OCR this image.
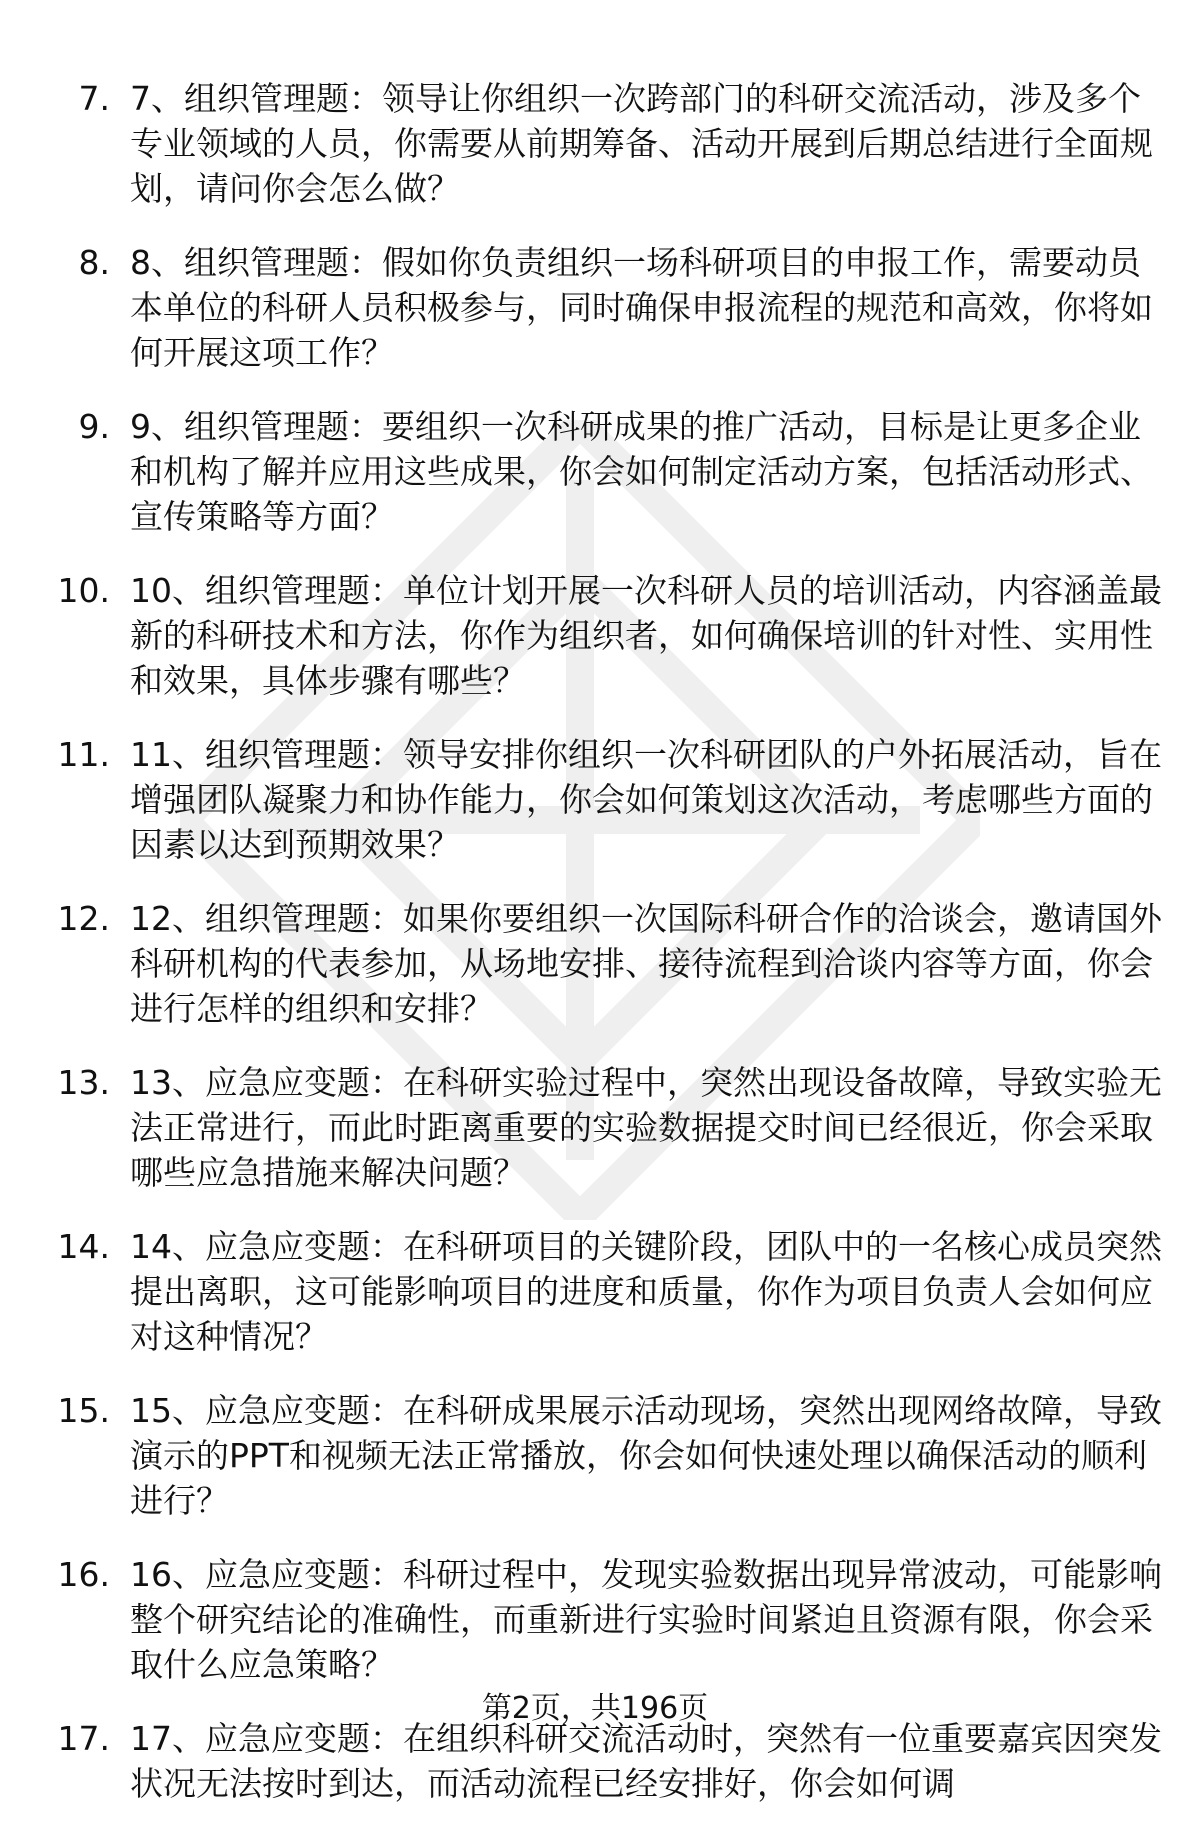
7. 7、组织管理题：领导让你组织一次跨部门的科研交流活动，涉及多个专业领域的人员，你需要从前期筹备、活动开展到后期总结进行全面规划，请问你会怎么做？
8. 8、组织管理题：假如你负责组织一场科研项目的申报工作，需要动员本单位的科研人员积极参与，同时确保申报流程的规范和高效，你将如何开展这项工作？
9. 9、组织管理题：要组织一次科研成果的推广活动，目标是让更多企业和机构了解并应用这些成果，你会如何制定活动方案，包括活动形式、宣传策略等方面？
10. 10、组织管理题：单位计划开展一次科研人员的培训活动，内容涵盖最新的科研技术和方法，你作为组织者，如何确保培训的针对性、实用性和效果，具体步骤有哪些？
11. 11、组织管理题：领导安排你组织一次科研团队的户外拓展活动，旨在增强团队凝聚力和协作能力，你会如何策划这次活动，考虑哪些方面的因素以达到预期效果？
12. 12、组织管理题：如果你要组织一次国际科研合作的洽谈会，邀请国外科研机构的代表参加，从场地安排、接待流程到洽谈内容等方面，你会进行怎样的组织和安排？
13. 13、应急应变题：在科研实验过程中，突然出现设备故障，导致实验无法正常进行，而此时距离重要的实验数据提交时间已经很近，你会采取哪些应急措施来解决问题？
14. 14、应急应变题：在科研项目的关键阶段，团队中的一名核心成员突然提出离职，这可能影响项目的进度和质量，你作为项目负责人会如何应对这种情况？
15. 15、应急应变题：在科研成果展示活动现场，突然出现网络故障，导致演示的PPT和视频无法正常播放，你会如何快速处理以确保活动的顺利进行？
16. 16、应急应变题：科研过程中，发现实验数据出现异常波动，可能影响整个研究结论的准确性，而重新进行实验时间紧迫且资源有限，你会采取什么应急策略？
17. 17、应急应变题：在组织科研交流活动时，突然有一位重要嘉宾因突发状况无法按时到达，而活动流程已经安排好，你会如何调
第2页，共196页
